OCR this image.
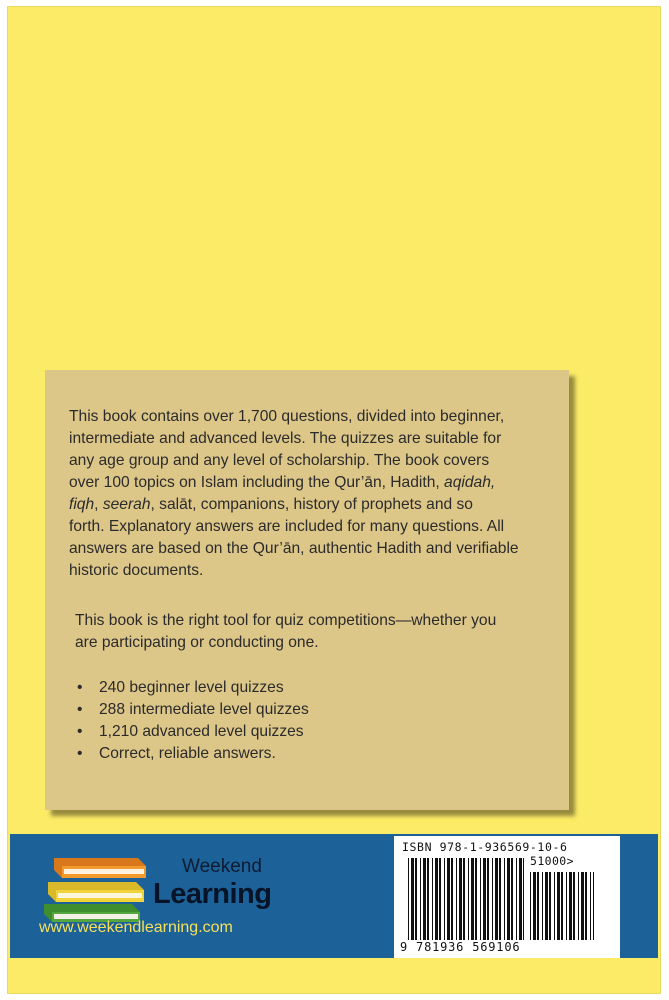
This book contains over 1,700 questions, divided into beginner,
intermediate and advanced levels. The quizzes are suitable for
any age group and any level of scholarship. The book covers
over 100 topics on Islam including the Qur’ān, Hadith, aqidah,
fiqh, seerah, salāt, companions, history of prophets and so
forth. Explanatory answers are included for many questions. All
answers are based on the Qur’ān, authentic Hadith and verifiable
historic documents.

This book is the right tool for quiz competitions—whether you
are participating or conducting one.

• 240 beginner level quizzes
• 288 intermediate level quizzes
• 1,210 advanced level quizzes
• Correct, reliable answers.
Weekend
Learning
www.weekendlearning.com
ISBN 978-1-936569-10-6
51000>
9 781936 569106
